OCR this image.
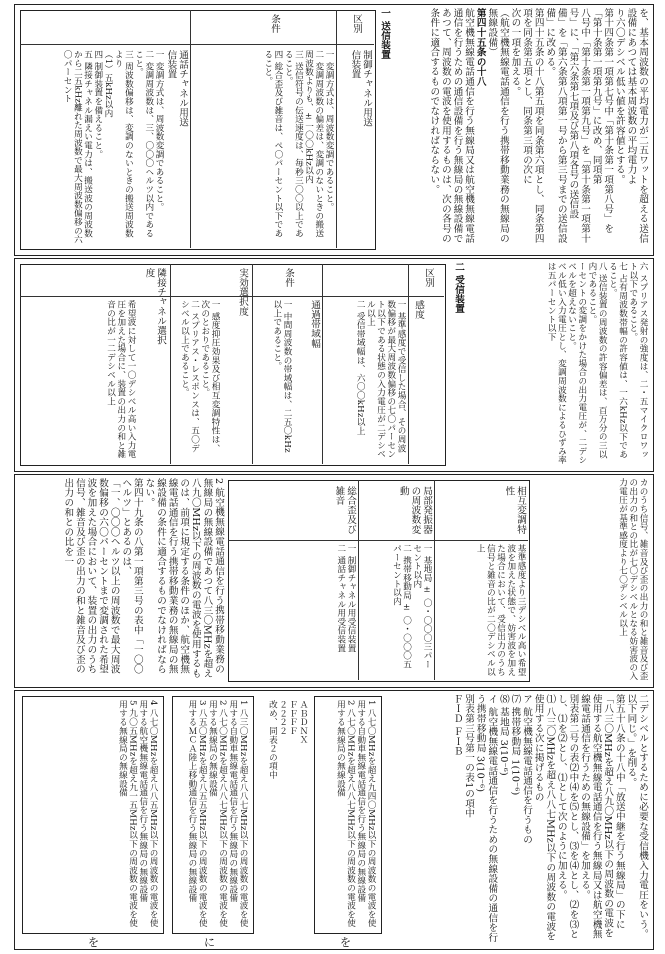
を、基本周波数の平均電力が二五ワットを超える送信設備にあつては基本周波数の平均電力よ
り六〇デシベル低い値を許容値とする。
第十四条第一項第七号中「第十条第一項第八号」を「第十条第一項第九号」に改め、同項第
八号中「第十条第一項第九号」を「第十条第一項第十号」に、「第六条第七項及び第八項各号の送信設
備」を「第六条第八項第一号から第三号までの送信設備」に改める。
第四十五条の十八第五項を同条第六項とし、同条第四項を同条第五項とし、同条第三項の次に
次の一項を加える。
（航空機無線電話通信を行う携帯移動業務の無線局の無線設備）
第四十五条の十八
航空機無線電話通信を行う無線局又は航空機無線電話通信を行うための通信設備を行う無線局の無線設備であつて、周波数の電波を使用するものは、次の各号の条件に適合するものでなければならない。
一 送信装置
区別
条件
制御チャネル用送信装置
一 変調方式は、周波数変調であること。
二 変調周波数の偏差は、変調のないときの搬送周波数よりも、±一〇〇kHz以内
三 送信符号の伝送速度は、毎秒三〇〇以上であること。
四 総合歪及び雑音は、ぺ〇パーセント以下であること。
通話チャネル用送信装置
一 変調方式は、周波数変調であること。
二 変調周波数は、三、〇〇〇ヘルツ以内であること。
三 周波数偏移は、変調のないときの搬送周波数より
（1）五kHz以内
四 制御装置を備えること。
五 隣接チャネル漏えい電力は、搬送波の周波数から二五kHz離れた周波数で最大周波数偏移の六〇パーセント
六 スプリアス発射の強度は、二・五マイクロワット以下であること。
七 占有周波数帯幅の許容値は、一六kHz以下であること。
八 送信装置の周波数の許容偏差は、百万分の三以内であること。
ーセントの変調をかけた場合の出力電圧が、二デシベルを超えないこと。
ベル低い入力電圧とし、変調周波数によるひずみ率は五パーセント以下
二 受信装置
区別
条件
感度
一 基準感度で受信した場合、その周波数偏移が最大周波数偏移の七〇パーセント以下である状態の入力電圧が二デシベル以上
二 受信帯域幅は、六〇〇kHz以上
通過帯域幅
一 中間周波数の帯域幅は、二五〇kHz以上であること。
実効選択度
一 感度抑圧効果及び相互変調特性は、次のとおりであること。
二 スプリアス・レスポンスは、五〇デシベル以上であること。
隣接チャネル選択度
希望波に対して一〇デシベル高い入力電圧を加えた場合に、装置の出力の和と雑音の比が一二デシベル以上
カのうち信号、雑音及び歪の出力の和と雑音及び歪の出力の和との比が七〇デシベルとなる妨害波の入力電圧が基準感度より七〇デシベル以上
相互変調特性
基準感度より三デシベル高い希望波を加えた状態で、妨害波を加えた場合において、受信出力のうち信号と雑音の比が二〇デシベル以上
局部発振器の周波数変動
一 基地局 ± 〇・〇〇〇三パーセント以内
二 携帯移動局 ± 〇・〇〇〇五パーセント以内
総合歪及び雑音
一 制御チャネル用受信装置
二 通話チャネル用受信装置
2 航空機無線電話通信を行う携帯移動業務の無線局の無線設備であつて八三〇MHzを超え八九〇MHz以下の周波数の電波を使用するものは、前項に規定する条件のほか、航空機無線電話通信を行う携帯移動業務の無線局の無線設備の条件に適合するものでなければならない。
第四十九条の八第一項第三号の表中「一〇〇ヘルツ」とあるのは、
「一、〇〇〇ヘルツ以上の周波数で最大周波数偏移の六〇パーセントまで変調された希望波を加えた場合において、装置の出力のうち信号、雑音及び歪の出力の和と雑音及び歪の出力の和との比を一
二デシベルとするために必要な受信機入力電圧をいう。以下同じ。」を削る。
第五十八条の十八中「放送中継を行う無線局」の下に「八三〇MHzを超え八九〇MHz以下の周波数の電波を使用する航空機無線電話通信を行う無線局又は航空機無線電話通信を行うための無線設備」を加える。
別表第二号の表⑵中⑷を⑸とし、⑶を⑷とし、⑵を⑶とし、⑴を⑵とし、⑴として次のように加える。
⑴ 八三〇MHzを超え八八七MHz以下の周波数の電波を使用する次に掲げるもの
ア 航空機無線電話通信を行うもの
⑺ 携帯移動局 1(10⁻⁶)
⑻ 基地局 3(10⁻⁶)
イ 航空機無線電話通信を行うための無線設備の通信を行う携帯移動局 3(10⁻⁶)
別表第三号第一の表1の項中
ＦＩＤ ＦＩＢ
1 八七〇MHzを超え九四〇MHz以下の周波数の電波を使用する自動車無線電話通信を行う無線局の無線設備
2 八七〇MHzを超え八八七MHz以下の周波数の電波を使用する無線局の無線設備
を
ＡＢＤＮＸ
ＦＦＦＦ
２２２２
改め、同表２の項中
1 八三〇MHzを超え八八七MHz以下の周波数の電波を使用する自動車無線電話通信を行う無線局の無線設備
2 八七〇MHzを超え八八七MHz以下の周波数の電波を使用する無線局の無線設備
3 八五〇MHzを超え八五五MHz以下の周波数の電波を使用するＭＣＡ陸上移動通信を行う無線局の無線設備
に
4 八七〇MHzを超え八八五MHz以下の周波数の電波を使用する航空機無線電話通信を行う無線局の無線設備
5 九〇五MHzを超え九一五MHz以下の周波数の電波を使用する無線局の無線設備
を
